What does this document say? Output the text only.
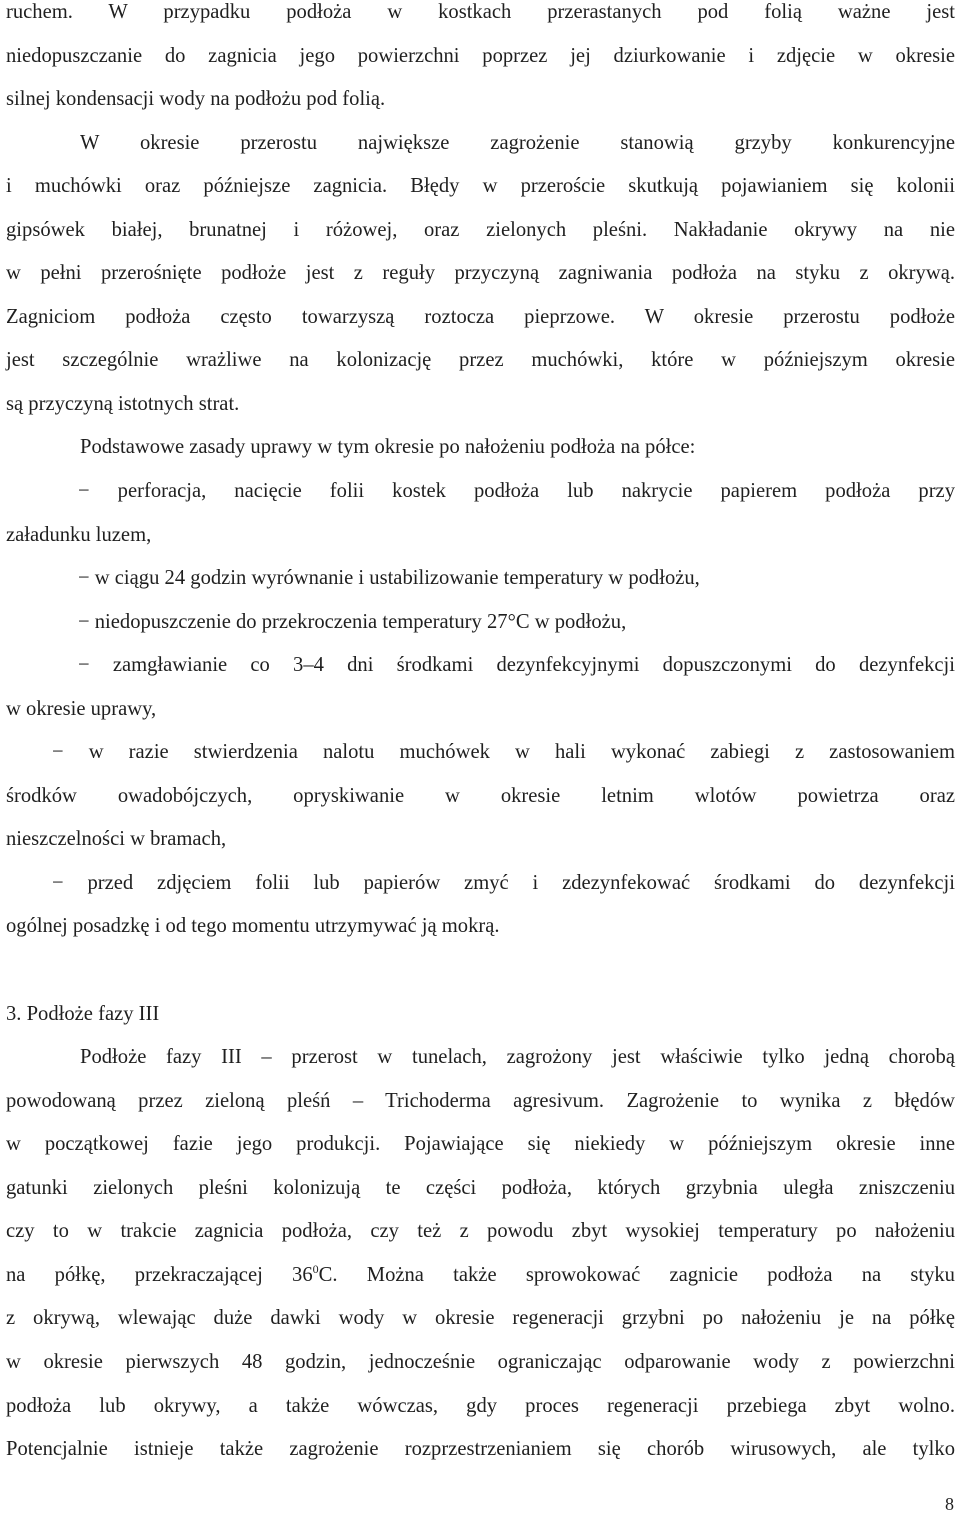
ruchem. W przypadku podłoża w kostkach przerastanych pod folią ważne jest
niedopuszczanie do zagnicia jego powierzchni poprzez jej dziurkowanie i zdjęcie w okresie
silnej kondensacji wody na podłożu pod folią.
W okresie przerostu największe zagrożenie stanowią grzyby konkurencyjne
i muchówki oraz późniejsze zagnicia. Błędy w przeroście skutkują pojawianiem się kolonii
gipsówek białej, brunatnej i różowej, oraz zielonych pleśni. Nakładanie okrywy na nie
w pełni przerośnięte podłoże jest z reguły przyczyną zagniwania podłoża na styku z okrywą.
Zagniciom podłoża często towarzyszą roztocza pieprzowe. W okresie przerostu podłoże
jest szczególnie wrażliwe na kolonizację przez muchówki, które w późniejszym okresie
są przyczyną istotnych strat.
Podstawowe zasady uprawy w tym okresie po nałożeniu podłoża na półce:
− perforacja, nacięcie folii kostek podłoża lub nakrycie papierem podłoża przy
załadunku luzem,
− w ciągu 24 godzin wyrównanie i ustabilizowanie temperatury w podłożu,
− niedopuszczenie do przekroczenia temperatury 27°C w podłożu,
− zamgławianie co 3–4 dni środkami dezynfekcyjnymi dopuszczonymi do dezynfekcji
w okresie uprawy,
− w razie stwierdzenia nalotu muchówek w hali wykonać zabiegi z zastosowaniem
środków owadobójczych, opryskiwanie w okresie letnim wlotów powietrza oraz
nieszczelności w bramach,
− przed zdjęciem folii lub papierów zmyć i zdezynfekować środkami do dezynfekcji
ogólnej posadzkę i od tego momentu utrzymywać ją mokrą.
3. Podłoże fazy III
Podłoże fazy III – przerost w tunelach, zagrożony jest właściwie tylko jedną chorobą
powodowaną przez zieloną pleśń – Trichoderma agresivum. Zagrożenie to wynika z błędów
w początkowej fazie jego produkcji. Pojawiające się niekiedy w późniejszym okresie inne
gatunki zielonych pleśni kolonizują te części podłoża, których grzybnia uległa zniszczeniu
czy to w trakcie zagnicia podłoża, czy też z powodu zbyt wysokiej temperatury po nałożeniu
na półkę, przekraczającej $36^0C$. Można także sprowokować zagnicie podłoża na styku
z okrywą, wlewając duże dawki wody w okresie regeneracji grzybni po nałożeniu je na półkę
w okresie pierwszych 48 godzin, jednocześnie ograniczając odparowanie wody z powierzchni
podłoża lub okrywy, a także wówczas, gdy proces regeneracji przebiega zbyt wolno.
Potencjalnie istnieje także zagrożenie rozprzestrzenianiem się chorób wirusowych, ale tylko
8
